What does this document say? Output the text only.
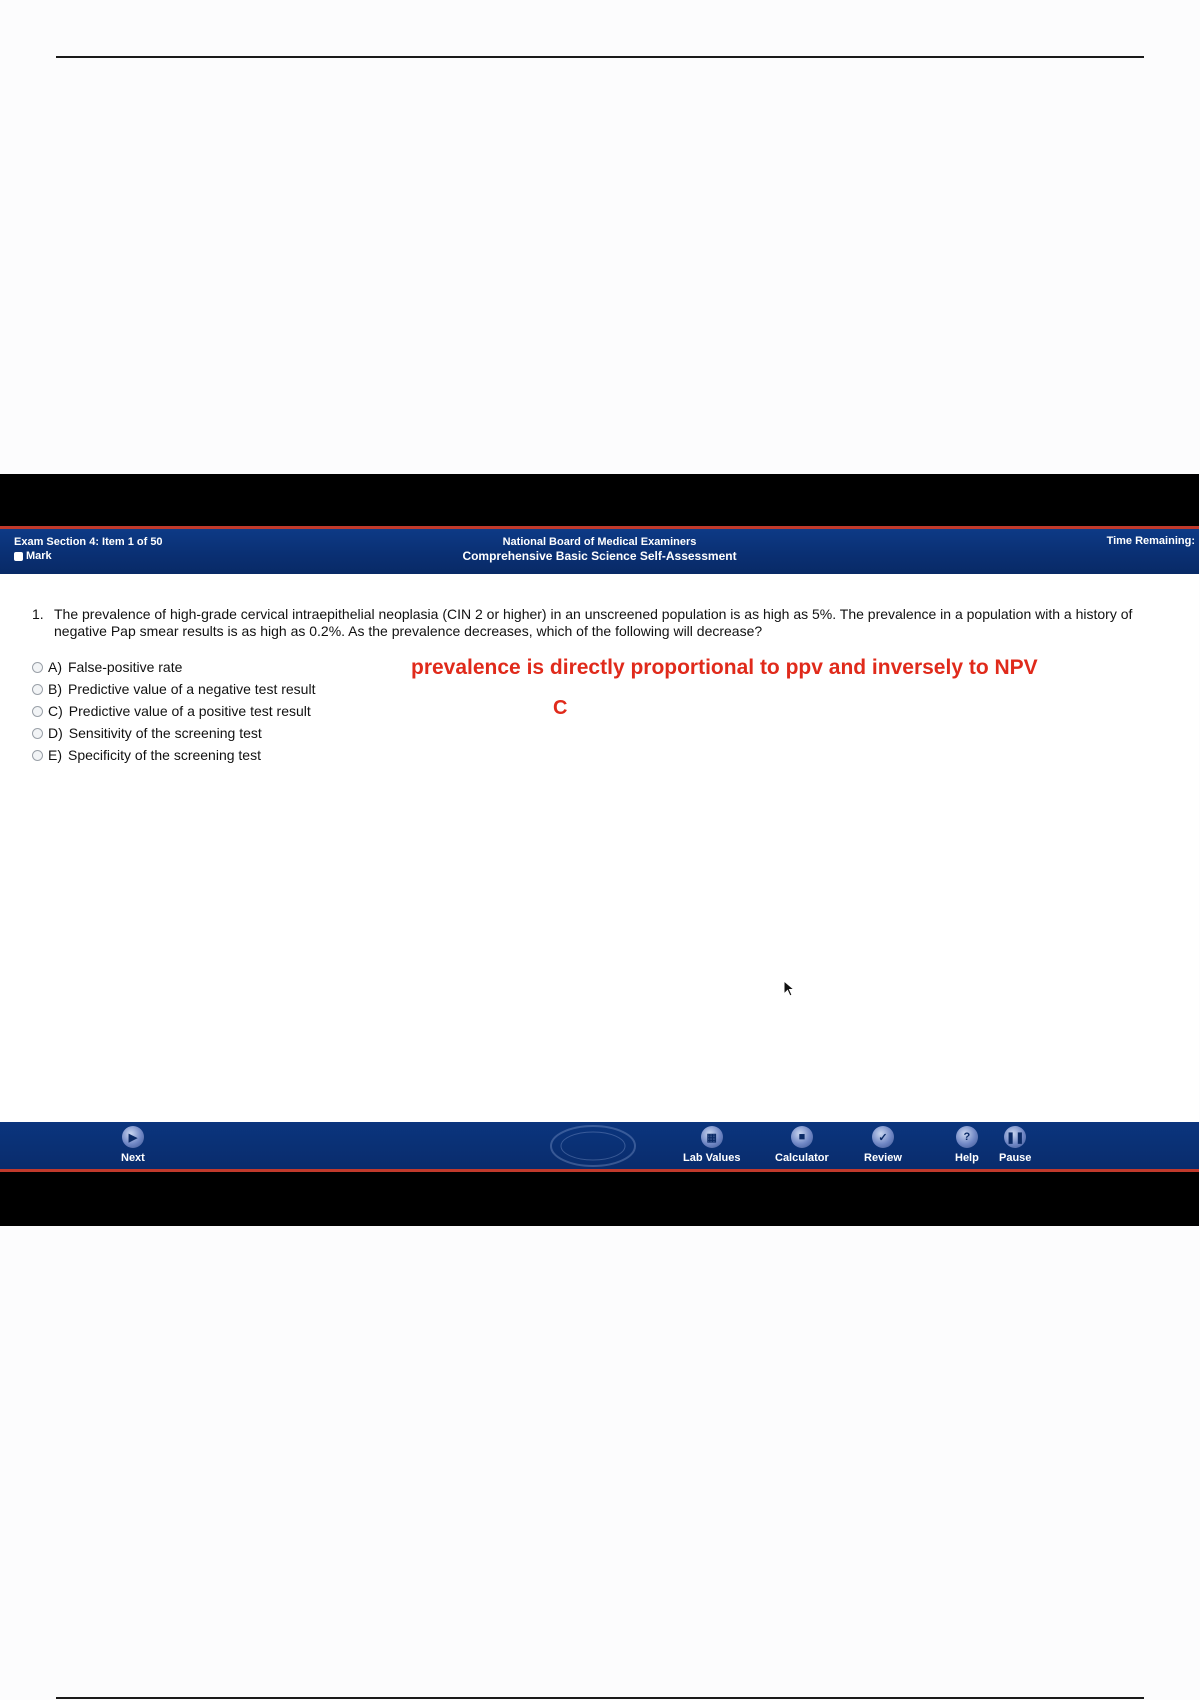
Exam Section 4: Item 1 of 50
Mark
National Board of Medical Examiners
Comprehensive Basic Science Self-Assessment
Time Remaining:
1. The prevalence of high-grade cervical intraepithelial neoplasia (CIN 2 or higher) in an unscreened population is as high as 5%. The prevalence in a population with a history of negative Pap smear results is as high as 0.2%. As the prevalence decreases, which of the following will decrease?
A) False-positive rate
B) Predictive value of a negative test result
C) Predictive value of a positive test result
D) Sensitivity of the screening test
E) Specificity of the screening test
prevalence is directly proportional to ppv and inversely to NPV
C
▶
Next
▦
Lab Values
■
Calculator
✓
Review
?
Help
❚❚
Pause
